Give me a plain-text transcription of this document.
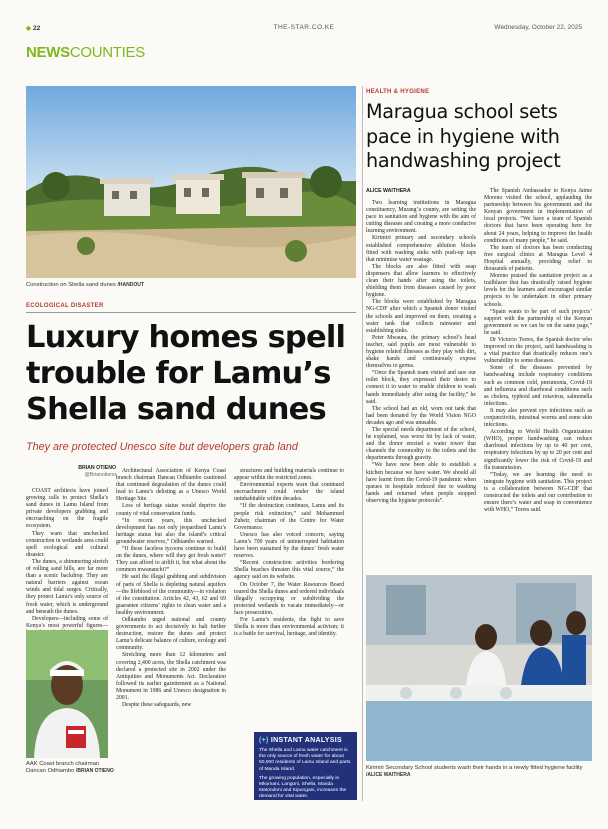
◆ 22	THE-STAR.CO.KE	Wednesday, October 22, 2025
NEWSCOUNTIES
Construction on Shella sand dunes /HANDOUT
ECOLOGICAL DISASTER
Luxury homes spell trouble for Lamu’s Shella sand dunes
They are protected Unesco site but developers grab land
BRIAN OTIENO
@Brianotieno

COAST architects have joined growing calls to protect Shella’s sand dunes in Lamu Island from private developers grabbing and encroaching on the fragile ecosystem.

They warn that unchecked construction in wetlands area could spell ecological and cultural disaster.

The dunes, a shimmering stretch of rolling sand hills, are far more than a scenic backdrop. They are natural barriers against ocean winds and tidal surges. Critically, they protect Lamu’s only source of fresh water, which is underground and beneath the dunes.

Developers—including some of Kenya’s most powerful figures—

Architectural Association of Kenya Coast branch chairman Dancan Odhiambo cautioned that continued degradation of the dunes could lead to Lamu’s delisting as a Unesco World Heritage Site.

Loss of heritage status would deprive the county of vital conservation funds.

“In recent years, this unchecked development has not only jeopardised Lamu’s heritage status but also the island’s critical groundwater reserves,” Odhiambo warned.

“If these faceless tycoons continue to build on the dunes, where will they get fresh water? They can afford to airlift it, but what about the common mwananchi?”

He said the illegal grabbing and subdivision of parts of Shella is depleting natural aquifers—the lifeblood of the community—in violation of the constitution. Articles 42, 43, 62 and 69 guarantee citizens’ rights to clean water and a healthy environment.

Odhiambo urged national and county governments to act decisively to halt further destruction, restore the dunes and protect Lamu’s delicate balance of culture, ecology and community.

Stretching more than 12 kilometres and covering 2,400 acres, the Shella catchment was declared a protected site in 2002 under the Antiquities and Monuments Act. Declaration followed its earlier gazettement as a National Monument in 1986 and Unesco designation in 2001.

Despite these safeguards, new

structures and building materials continue to appear within the restricted zones.

Environmental experts warn that continued encroachment could render the island uninhabitable within decades.

“If the destruction continues, Lamu and its people risk extinction,” said Mohammed Zubeir, chairman of the Centre for Water Governance.

Unesco has also voiced concern, saying Lamu’s 700 years of uninterrupted habitation have been sustained by the dunes’ fresh water reserves.

“Recent construction activities bordering Shella beaches threaten this vital source,” the agency said on its website.

On October 7, the Water Resources Board toured the Shella dunes and ordered individuals illegally occupying or subdividing the protected wetlands to vacate immediately—or face prosecution.

For Lamu’s residents, the fight to save Shella is more than environmental activism; it is a battle for survival, heritage, and identity.

AAK Coast branch chairman Dancan Odhiambo /BRIAN OTIENO
(+) INSTANT ANALYSIS

The Shella and Lamu water catchment is the only source of fresh water for about 50,000 residents of Lamu Island and parts of Manda Island.

The growing population, especially in Mkomani, Langoni, Shella, Manda Matondoni and Kipungani, increases the demand for vital water.

HEALTH & HYGIENE
Maragua school sets pace in hygiene with handwashing project
ALICE WAITHERA

Two learning institutions in Maragua constituency, Murang’a county, are setting the pace in sanitation and hygiene with the aim of cutting diseases and creating a more conducive learning environment.

Kirimiri primary and secondary schools established comprehensive ablution blocks fitted with washing sinks with push-up taps that minimise water wastage.

The blocks are also fitted with soap dispensers that allow learners to effectively clean their hands after using the toilets, shielding them from diseases caused by poor hygiene.

The blocks were established by Maragua NG-CDF after which a Spanish donor visited the schools and improved on them, creating a water tank that collects rainwater and establishing sinks.

Peter Mwaura, the primary school’s head teacher, said pupils are most vulnerable to hygiene related illnesses as they play with dirt, shake hands and continuously expose themselves to germs.

“Once the Spanish team visited and saw our toilet block, they expressed their desire to connect it to water to enable children to wash hands immediately after using the facility,” he said.

The school had an old, worn out tank that had been donated by the World Vision NGO decades ago and was unusable.

The special needs department of the school, he explained, was worst hit by lack of water, and the donor erected a water tower that channels the commodity to the toilets and the departments through gravity.

“We have now been able to establish a kitchen because we have water. We should all have learnt from the Covid-19 pandemic when queues in hospitals reduced due to washing hands and returned when people stopped observing the hygiene protocols”.

The Spanish Ambassador to Kenya Jaime Moreno visited the school, applauding the partnership between his government and the Kenyan government in implementation of local projects. “We have a team of Spanish doctors that have been operating here for about 24 years, helping to improve the health conditions of many people,” he said.

The team of doctors has been conducting free surgical clinics at Maragua Level 4 Hospital annually, providing relief to thousands of patients.

Moreno praised the sanitation project as a trailblazer that has drastically raised hygiene levels for the learners and encouraged similar projects to be undertaken in other primary schools.

“Spain wants to be part of such projects’ support with the partnership of the Kenyan government so we can be on the same page,” he said.

Dr Victorio Torres, the Spanish doctor who improved on the project, said handwashing is a vital practice that drastically reduces one’s vulnerability to some diseases.

Some of the diseases prevented by handwashing include respiratory conditions such as common cold, pneumonia, Covid-19 and influenza and diarrhoeal conditions such as cholera, typhoid and rotavirus, salmonella infections.

It may also prevent eye infections such as conjunctivitis, intestinal worms and some skin infections.

According to World Health Organization (WHO), proper handwashing can reduce diarrhoeal infections by up to 40 per cent, respiratory infections by up to 20 per cent and significantly lower the risk of Covid-19 and flu transmission.

“Today, we are learning the need to integrate hygiene with sanitation. This project is a collaboration between NG-CDF that constructed the toilets and our contribution to ensure there’s water and soap in convenience with WHO,” Torres said.

Kirimiri Secondary School students wash their hands in a newly fitted hygiene facility /ALICE WAITHERA
